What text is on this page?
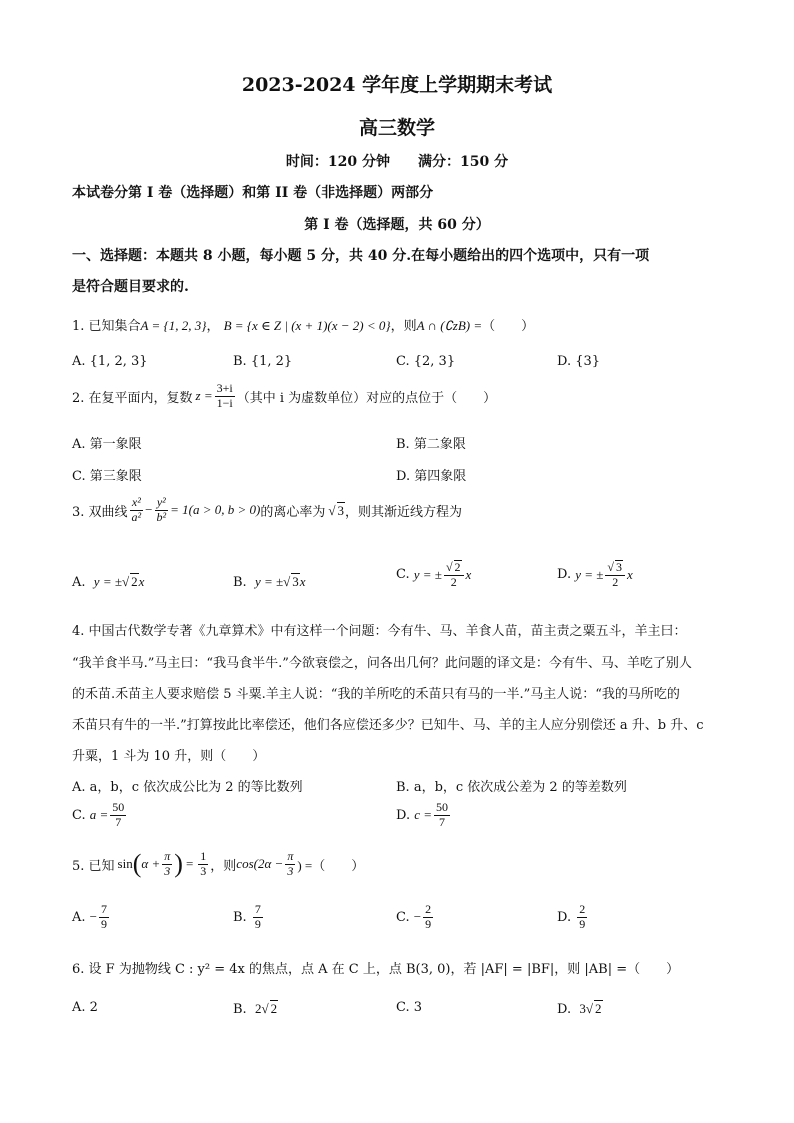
2023-2024 学年度上学期期末考试
高三数学
时间：120 分钟　　满分：150 分
本试卷分第 I 卷（选择题）和第 II 卷（非选择题）两部分
第 I 卷（选择题，共 60 分）
一、选择题：本题共 8 小题，每小题 5 分，共 40 分.在每小题给出的四个选项中，只有一项
是符合题目要求的.
1. 已知集合A = {1, 2, 3}， B = {x ∈ Z | (x + 1)(x − 2) < 0}，则A ∩ (∁zB) =（　　）
A. {1, 2, 3}	B. {1, 2}	C. {2, 3}	D. {3}
2. 在复平面内，复数 $z = \frac{3+i}{1-i}$ （其中 i 为虚数单位）对应的点位于（　　）
A. 第一象限	B. 第二象限
C. 第三象限	D. 第四象限
3. 双曲线 $\frac{\text{x²}}{\text{a²}} - \frac{\text{y²}}{\text{b²}} = 1(a > 0$, b > 0) 的离心率为 √ 3 ，则其渐近线方程为
A. y = ±√ 2x	B. y = ±√ 3x	C.
y = ± $\frac{√ 2}{2}$ x	D.
y = ± $\frac{√ 3}{2}$ x
4. 中国古代数学专著《九章算术》中有这样一个问题：今有牛、马、羊食人苗，苗主责之粟五斗，羊主曰：
“我羊食半马.”马主曰：“我马食半牛.”今欲衰偿之，问各出几何？此问题的译文是：今有牛、马、羊吃了别人
的禾苗.禾苗主人要求赔偿 5 斗粟.羊主人说：“我的羊所吃的禾苗只有马的一半.”马主人说：“我的马所吃的
禾苗只有牛的一半.”打算按此比率偿还，他们各应偿还多少？已知牛、马、羊的主人应分别偿还 a 升、b 升、c
升粟，1 斗为 10 升，则（　　）
A. a，b，c 依次成公比为 2 的等比数列	B. a，b，c 依次成公差为 2 的等差数列
C.
$a = \frac{50}{7}$	D.
$c = \frac{50}{7}$
5. 已知 sin ( $\alpha + \frac{\pi}{3}$ ) = $\frac{1}{3}$ ，则 $\cos(2\alpha - \frac{\pi}{3}$ ) =（　　）
A.
− $\frac{7}{9}$	B.
$\frac{7}{9}$	C.
− $\frac{2}{9}$	D.
$\frac{2}{9}$
6. 设 F 为抛物线 C : y² = 4x 的焦点，点 A 在 C 上，点 B(3, 0)，若 |AF| = |BF|，则 |AB| =（　　）
A. 2	B. 2√ 2	C. 3	D. 3√ 2
